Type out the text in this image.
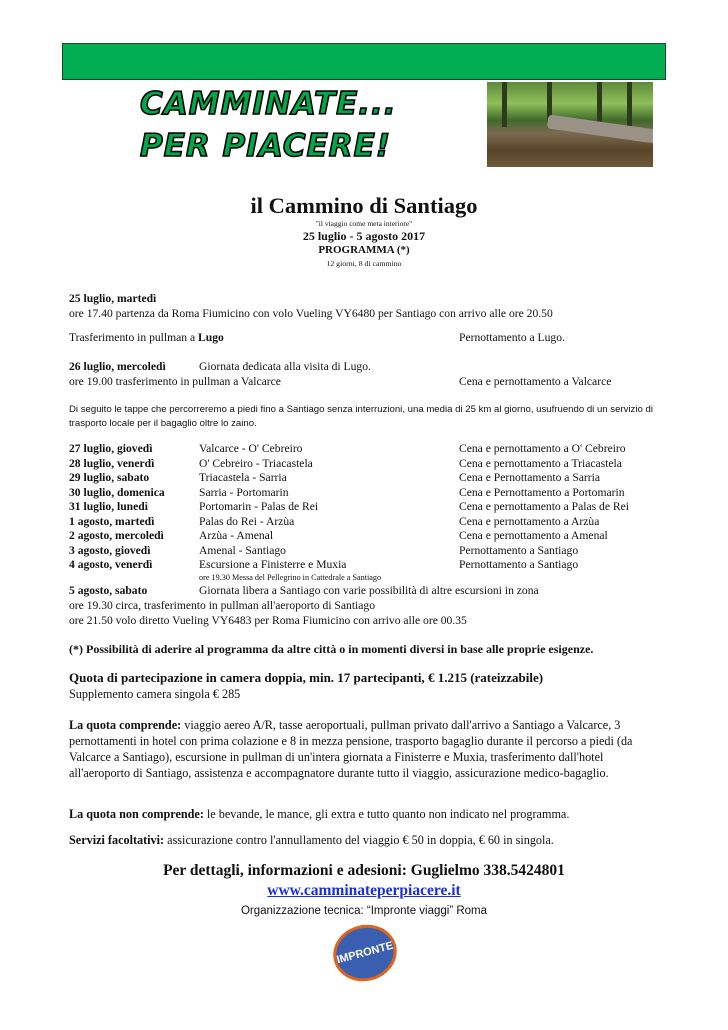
CAMMINATE...
PER PIACERE!
il Cammino di Santiago
"il viaggio come meta interiore"
25 luglio - 5 agosto 2017
PROGRAMMA (*)
12 giorni, 8 di cammino
25 luglio, martedì
ore 17.40 partenza da Roma Fiumicino con volo Vueling VY6480 per Santiago con arrivo alle ore 20.50
Trasferimento in pullman a Lugo	Pernottamento a Lugo.
26 luglio, mercoledì	Giornata dedicata alla visita di Lugo.
ore 19.00 trasferimento in pullman a Valcarce	Cena e pernottamento a Valcarce
Di seguito le tappe che percorreremo a piedi fino a Santiago senza interruzioni, una media di 25 km al giorno, usufruendo di un servizio di trasporto locale per il bagaglio oltre lo zaino.
27 luglio, giovedì	Valcarce - O' Cebreiro	Cena e pernottamento a O' Cebreiro
28 luglio, venerdì	O' Cebreiro - Triacastela	Cena e pernottamento a Triacastela
29 luglio, sabato	Triacastela - Sarria	Cena e Pernottamento a Sarria
30 luglio, domenica	Sarria - Portomarin	Cena e Pernottamento a Portomarin
31 luglio, lunedì	Portomarin - Palas de Rei	Cena e pernottamento a Palas de Rei
1 agosto, martedì	Palas do Rei - Arzùa	Cena e pernottamento a Arzùa
2 agosto, mercoledì	Arzùa - Amenal	Cena e pernottamento a Amenal
3 agosto, giovedì	Amenal - Santiago	Pernottamento a Santiago
4 agosto, venerdì	Escursione a Finisterre e Muxia	Pernottamento a Santiago
ore 19.30 Messa del Pellegrino in Cattedrale a Santiago
5 agosto, sabato	Giornata libera a Santiago con varie possibilità di altre escursioni in zona
ore 19.30 circa, trasferimento in pullman all'aeroporto di Santiago
ore 21.50 volo diretto Vueling VY6483 per Roma Fiumicino con arrivo alle ore 00.35
(*) Possibilità di aderire al programma da altre città o in momenti diversi in base alle proprie esigenze.
Quota di partecipazione in camera doppia, min. 17 partecipanti, € 1.215 (rateizzabile)
Supplemento camera singola € 285
La quota comprende: viaggio aereo A/R, tasse aeroportuali, pullman privato dall'arrivo a Santiago a Valcarce, 3 pernottamenti in hotel con prima colazione e 8 in mezza pensione, trasporto bagaglio durante il percorso a piedi (da Valcarce a Santiago), escursione in pullman di un'intera giornata a Finisterre e Muxia, trasferimento dall'hotel all'aeroporto di Santiago, assistenza e accompagnatore durante tutto il viaggio, assicurazione medico-bagaglio.
La quota non comprende: le bevande, le mance, gli extra e tutto quanto non indicato nel programma.
Servizi facoltativi: assicurazione contro l'annullamento del viaggio € 50 in doppia, € 60 in singola.
Per dettagli, informazioni e adesioni: Guglielmo 338.5424801
www.camminateperpiacere.it
Organizzazione tecnica: “Impronte viaggi” Roma
IMPRONTE
